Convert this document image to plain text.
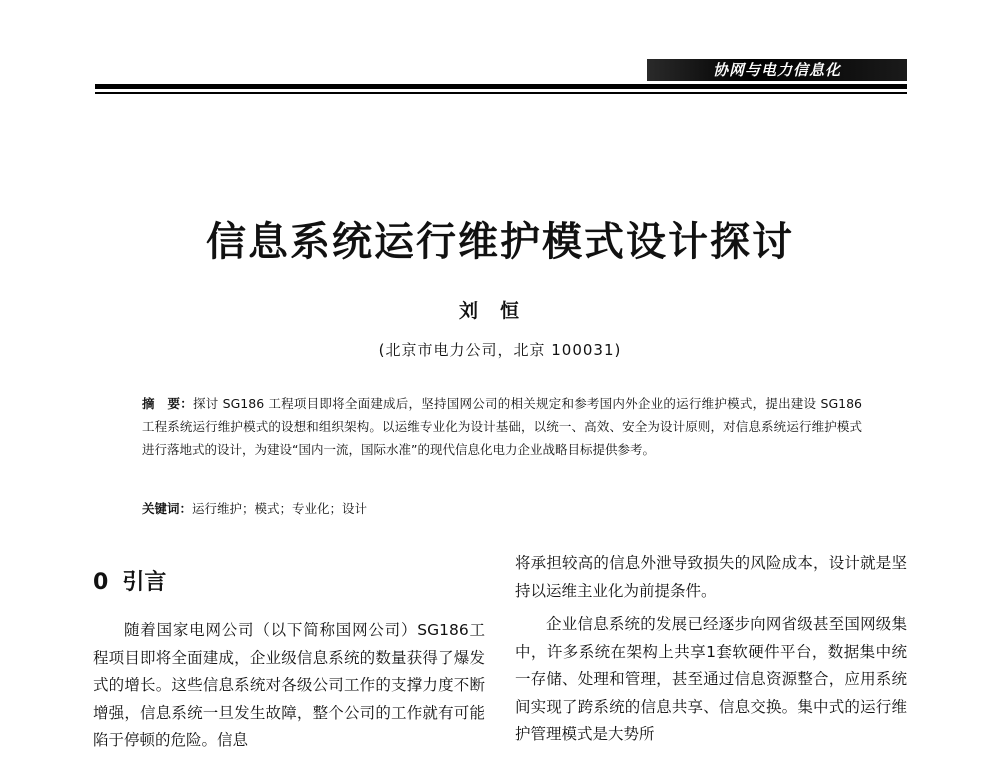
协网与电力信息化
信息系统运行维护模式设计探讨
刘恒
(北京市电力公司，北京 100031)
摘　要：探讨 SG186 工程项目即将全面建成后，坚持国网公司的相关规定和参考国内外企业的运行维护模式，提出建设 SG186 工程系统运行维护模式的设想和组织架构。以运维专业化为设计基础，以统一、高效、安全为设计原则，对信息系统运行维护模式进行落地式的设计，为建设“国内一流，国际水准”的现代信息化电力企业战略目标提供参考。
关键词：运行维护；模式；专业化；设计
0 引言

随着国家电网公司（以下简称国网公司）SG186工程项目即将全面建成，企业级信息系统的数量获得了爆发式的增长。这些信息系统对各级公司工作的支撑力度不断增强，信息系统一旦发生故障，整个公司的工作就有可能陷于停顿的危险。信息

将承担较高的信息外泄导致损失的风险成本，设计就是坚持以运维主业化为前提条件。

企业信息系统的发展已经逐步向网省级甚至国网级集中，许多系统在架构上共享1套软硬件平台，数据集中统一存储、处理和管理，甚至通过信息资源整合，应用系统间实现了跨系统的信息共享、信息交换。集中式的运行维护管理模式是大势所
